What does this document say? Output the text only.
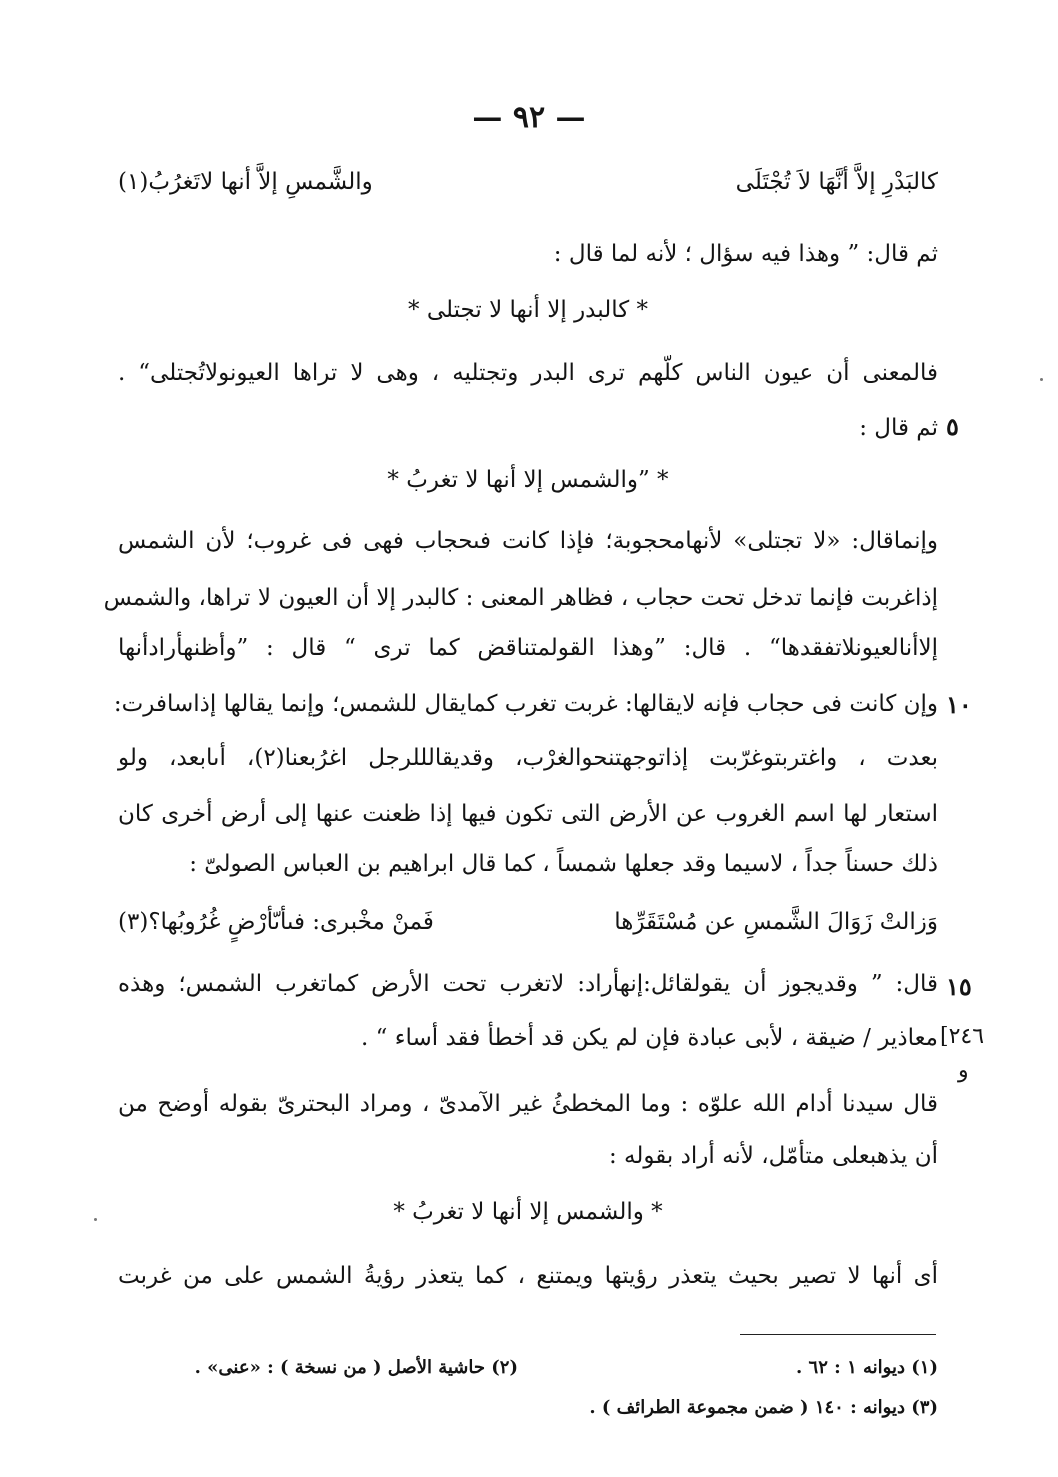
— ٩٢ —
كالبَدْرِ إلاَّ أنَّهَا لاَ تُجْتَلَى
والشَّمسِ إلاَّ أنها لاتَغرُبُ(١)
ثم قال: ” وهذا فيه سؤال ؛ لأنه لما قال :
* كالبدر إلا أنها لا تجتلى *
فالمعنى أن عيون الناس كلّهم ترى البدر وتجتليه ، وهى لا تراها العيونولاتُجتلى“ .
ثم قال : ٥
* ”والشمس إلا أنها لا تغربُ *
وإنماقال: «لا تجتلى» لأنهامحجوبة؛ فإذا كانت فىحجاب فهى فى غروب؛ لأن الشمس
إذاغربت فإنما تدخل تحت حجاب ، فظاهر المعنى : كالبدر إلا أن العيون لا تراها، والشمس
إلاأنالعيونلاتفقدها“ . قال: ”وهذا القولمتناقض كما ترى “ قال : ”وأظنهأرادأنها
وإن كانت فى حجاب فإنه لايقالها: غربت تغرب كمايقال للشمس؛ وإنما يقالها إذاسافرت: ١٠
بعدت ، واغتربتوغرّبت إذاتوجهتنحوالغرْب، وقديقالللرجل اغرُبعنا(٢)، أىابعد، ولو
استعار لها اسم الغروب عن الأرض التى تكون فيها إذا ظعنت عنها إلى أرض أخرى كان
ذلك حسناً جداً ، لاسيما وقد جعلها شمساً ، كما قال ابراهيم بن العباس الصولىّ :
وَزالتْ زَوَالَ الشَّمسِ عن مُسْتَقَرِّها
فَمنْ مخْبرى: فىأىّأرْضٍ غُرُوبُها؟(٣)
قال: ” وقديجوز أن يقولقائل:إنهأراد: لاتغرب تحت الأرض كماتغرب الشمس؛ وهذه ١٥
معاذير / ضيقة ، لأبى عبادة فإن لم يكن قد أخطأ فقد أساء “ . [٢٤٦
و
قال سيدنا أدام الله علوّه : وما المخطئُ غير الآمدىّ ، ومراد البحترىّ بقوله أوضح من
أن يذهبعلى متأمّل، لأنه أراد بقوله :
* والشمس إلا أنها لا تغربُ *
أى أنها لا تصير بحيث يتعذر رؤيتها ويمتنع ، كما يتعذر رؤيةُ الشمس على من غربت
(١) ديوانه ١ : ٦٢ .
(٢) حاشية الأصل ( من نسخة ) : «عنى» .
(٣) ديوانه : ١٤٠ ( ضمن مجموعة الطرائف ) .
